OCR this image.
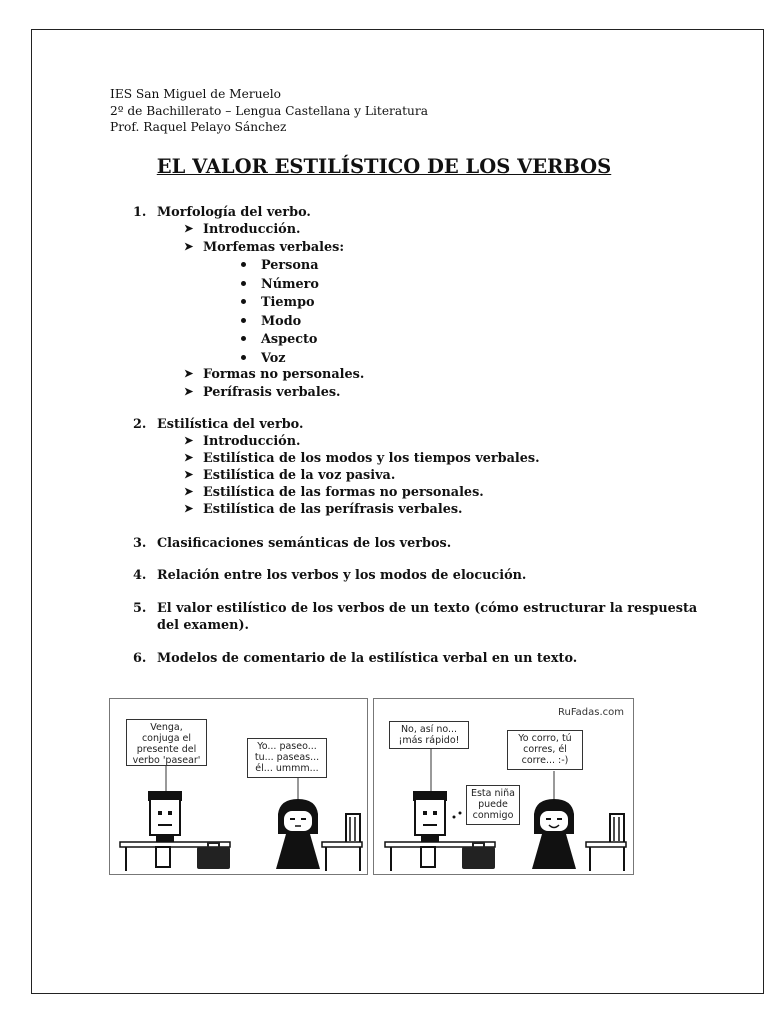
IES San Miguel de Meruelo
2º de Bachillerato – Lengua Castellana y Literatura
Prof. Raquel Pelayo Sánchez
EL VALOR ESTILÍSTICO DE LOS VERBOS
1. Morfología del verbo.
➤ Introducción.
➤ Morfemas verbales:
Persona
Número
Tiempo
Modo
Aspecto
Voz
➤ Formas no personales.
➤ Perífrasis verbales.
2. Estilística del verbo.
➤ Introducción.
➤ Estilística de los modos y los tiempos verbales.
➤ Estilística de la voz pasiva.
➤ Estilística de las formas no personales.
➤ Estilística de las perífrasis verbales.
3. Clasificaciones semánticas de los verbos.
4. Relación entre los verbos y los modos de elocución.
5. El valor estilístico de los verbos de un texto (cómo estructurar la respuesta
del examen).
6. Modelos de comentario de la estilística verbal en un texto.
Venga,
conjuga el
presente del
verbo 'pasear'
Yo... paseo...
tu... paseas...
él... ummm...
RuFadas.com
No, así no...
¡más rápido!	Yo corro, tú
corres, él
corre... :-)
Esta niña
puede
conmigo
